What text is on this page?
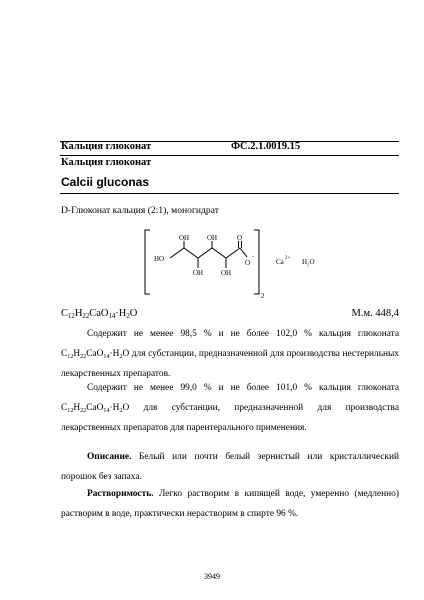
Кальция глюконат	ФС.2.1.0019.15
Кальция глюконат
Calcii gluconas
D-Глюконат кальция (2:1), моногидрат
HO
OH
OH
OH
OH
O
O
−
2
Ca 2+ H₂O
$C_{12}H_{22}CaO_{14}\cdot H_2O$	М.м. 448,4
Содержит не менее 98,5 % и не более 102,0 % кальция глюконата $C_{12}H_{22}CaO_{14}\cdot H_2O$ для субстанции, предназначенной для производства нестерильных лекарственных препаратов.
Содержит не менее 99,0 % и не более 101,0 % кальция глюконата $C_{12}H_{22}CaO_{14}\cdot H_2O$ для субстанции, предназначенной для производства лекарственных препаратов для парентерального применения.
Описание. Белый или почти белый зернистый или кристаллический порошок без запаха.
Растворимость. Легко растворим в кипящей воде, умеренно (медленно) растворим в воде, практически нерастворим в спирте 96 %.
3949
